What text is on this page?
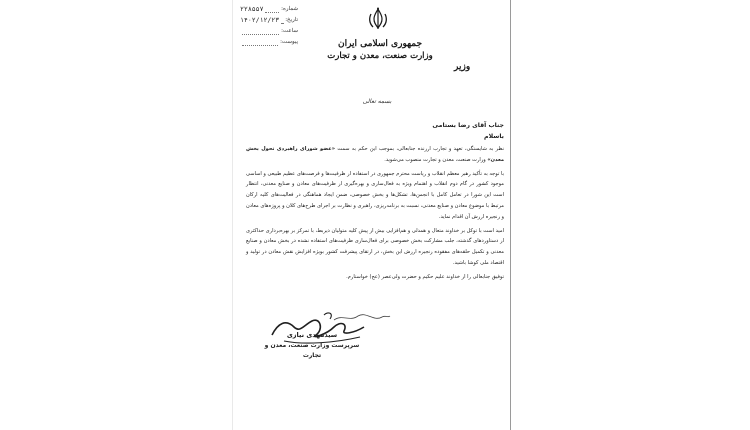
شماره:
۲۲۸۵۵۷
تاریخ:
۱۴۰۲/۱۲/۲۳
ساعت:
پیوست:	جمهوری اسلامی ایران
وزارت صنعت، معدن و تجارت
وزیر
بسمه تعالی
جناب آقای رضا بستامی
باسلام

نظر به شایستگی، تعهد و تجارب ارزنده جنابعالی، بموجب این حکم به سمت «عضو شورای راهبردی تحول بخش معدن» وزارت صنعت، معدن و تجارت منصوب می‌شوید.

با توجه به تأکید رهبر معظم انقلاب و ریاست محترم جمهوری در استفاده از ظرفیت‌ها و فرصت‌های عظیم طبیعی و اساسی موجود کشور در گام دوم انقلاب و اهتمام ویژه به فعال‌سازی و بهره‌گیری از ظرفیت‌های معادن و صنایع معدنی، انتظار است این شورا در تعامل کامل با انجمن‌ها، تشکل‌ها و بخش خصوصی، ضمن ایجاد هماهنگی در فعالیت‌های کلیه ارکان مرتبط با موضوع معادن و صنایع معدنی، نسبت به برنامه‌ریزی، راهبری و نظارت بر اجرای طرح‌های کلان و پروژه‌های معادن و زنجیره ارزش آن اقدام نماید.

امید است با توکل بر خداوند متعال و همدلی و هم‌افزایی بیش از پیش کلیه متولیان ذیربط، با تمرکز بر بهره‌برداری حداکثری از دستاوردهای گذشته، جلب مشارکت بخش خصوصی برای فعال‌سازی ظرفیت‌های استفاده نشده در بخش معادن و صنایع معدنی و تکمیل حلقه‌های مفقوده زنجیره ارزش این بخش، در ارتقای پیشرفت کشور بویژه افزایش نقش معادن در تولید و اقتصاد ملی کوشا باشید.

توفیق جنابعالی را از خداوند علیم حکیم و حضرت ولی‌عصر (عج) خواستارم.

سیدمهدی نیازی
سرپرست وزارت صنعت، معدن و تجارت
